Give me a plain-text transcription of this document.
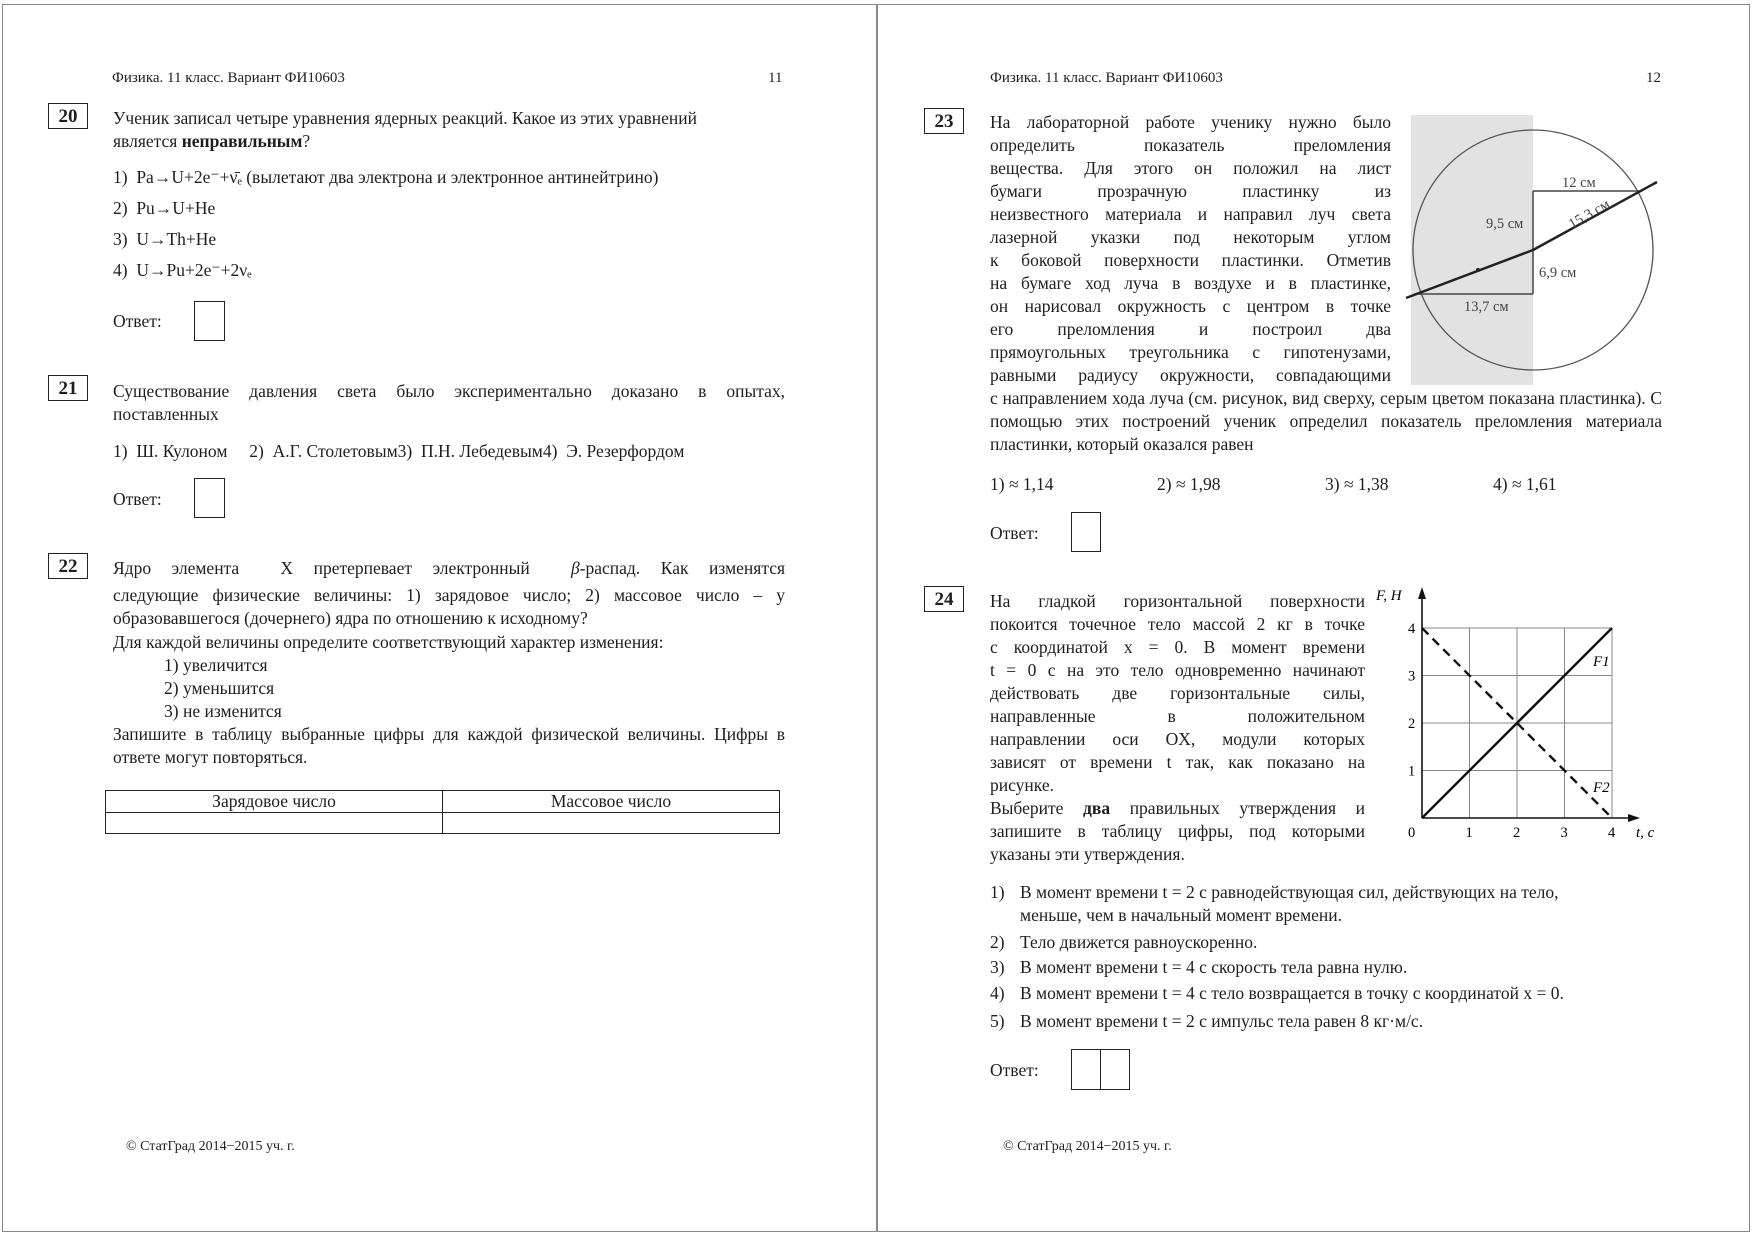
Физика. 11 класс. Вариант ФИ10603	11
20	Ученик записал четыре уравнения ядерных реакций. Какое из этих уравнений
является неправильным?
1) Pa→U+2e⁻+ν̄ₑ (вылетают два электрона и электронное антинейтрино)
2) Pu→U+He
3) U→Th+He
4) U→Pu+2e⁻+2νₑ
Ответ:
21	Существование давления света было экспериментально доказано в опытах, поставленных
1)  Ш. Кулоном     2)  А.Г. Столетовым3)  П.Н. Лебедевым4)  Э. Резерфордом
Ответ:
22	Ядро элемента X претерпевает электронный β-распад. Как изменятся
следующие физические величины: 1) зарядовое число; 2) массовое число – у образовавшегося (дочернего) ядра по отношению к исходному?
Для каждой величины определите соответствующий характер изменения:
1) увеличится
2) уменьшится
3) не изменится
Запишите в таблицу выбранные цифры для каждой физической величины. Цифры в ответе могут повторяться.
Зарядовое число	Массовое число

© СтатГрад 2014−2015 уч. г.
Физика. 11 класс. Вариант ФИ10603	12
23	На лабораторной работе ученику нужно было
определить показатель преломления
вещества. Для этого он положил на лист
бумаги прозрачную пластинку из
неизвестного материала и направил луч света
лазерной указки под некоторым углом
к боковой поверхности пластинки. Отметив
на бумаге ход луча в воздухе и в пластинке,
он нарисовал окружность с центром в точке
его преломления и построил два
прямоугольных треугольника с гипотенузами,
равными радиусу окружности, совпадающими
с направлением хода луча (см. рисунок, вид сверху, серым цветом показана пластинка). С помощью этих построений ученик определил показатель преломления материала пластинки, который оказался равен
12 см
9,5 см	15,3 см
6,9 см
13,7 см
1) ≈ 1,14	2) ≈ 1,98	3) ≈ 1,38	4) ≈ 1,61
Ответ:
24	На гладкой горизонтальной поверхности
покоится точечное тело массой 2 кг в точке
с координатой x = 0. В момент времени
t = 0 с на это тело одновременно начинают
действовать две горизонтальные силы,
направленные в положительном
направлении оси OX, модули которых
зависят от времени t так, как показано на
рисунке.
Выберите два правильных утверждения и
запишите в таблицу цифры, под которыми
указаны эти утверждения.
0	1	2	3	4
1
2
3
4
F, Н
t, c
F1
F2
1) В момент времени t = 2 с равнодействующая сил, действующих на тело,
меньше, чем в начальный момент времени.
2) Тело движется равноускоренно.
3) В момент времени t = 4 с скорость тела равна нулю.
4) В момент времени t = 4 с тело возвращается в точку с координатой x = 0.
5) В момент времени t = 2 с импульс тела равен 8 кг·м/с.
Ответ:
© СтатГрад 2014−2015 уч. г.
